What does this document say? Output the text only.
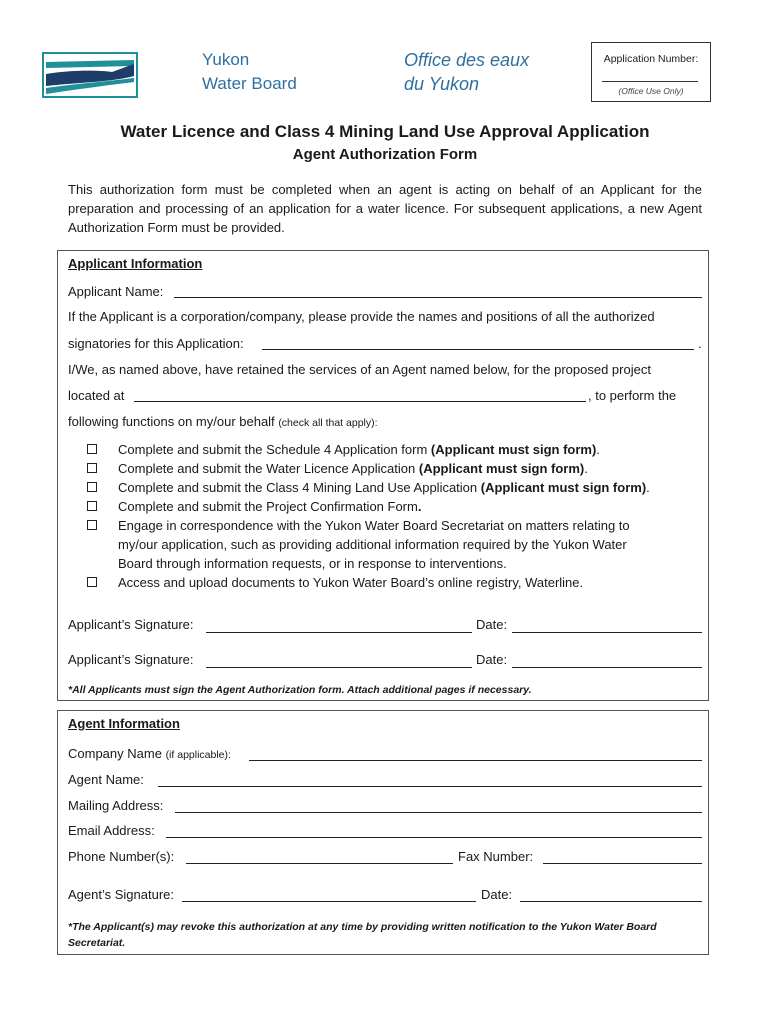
Yukon
Water Board
Office des eaux
du Yukon
Application Number:
(Office Use Only)
Water Licence and Class 4 Mining Land Use Approval Application
Agent Authorization Form
This authorization form must be completed when an agent is acting on behalf of an Applicant for the preparation and processing of an application for a water licence. For subsequent applications, a new Agent Authorization Form must be provided.
Applicant Information
Applicant Name:
If the Applicant is a corporation/company, please provide the names and positions of all the authorized
signatories for this Application:	.
I/We, as named above, have retained the services of an Agent named below, for the proposed project
located at	, to perform the
following functions on my/our behalf (check all that apply):
Complete and submit the Schedule 4 Application form (Applicant must sign form).
Complete and submit the Water Licence Application (Applicant must sign form).
Complete and submit the Class 4 Mining Land Use Application (Applicant must sign form).
Complete and submit the Project Confirmation Form.
Engage in correspondence with the Yukon Water Board Secretariat on matters relating to
my/our application, such as providing additional information required by the Yukon Water
Board through information requests, or in response to interventions.
Access and upload documents to Yukon Water Board’s online registry, Waterline.
Applicant’s Signature:	Date:
Applicant’s Signature:	Date:
*All Applicants must sign the Agent Authorization form. Attach additional pages if necessary.
Agent Information
Company Name (if applicable):
Agent Name:
Mailing Address:
Email Address:
Phone Number(s):	Fax Number:
Agent’s Signature:	Date:
*The Applicant(s) may revoke this authorization at any time by providing written notification to the Yukon Water Board Secretariat.
